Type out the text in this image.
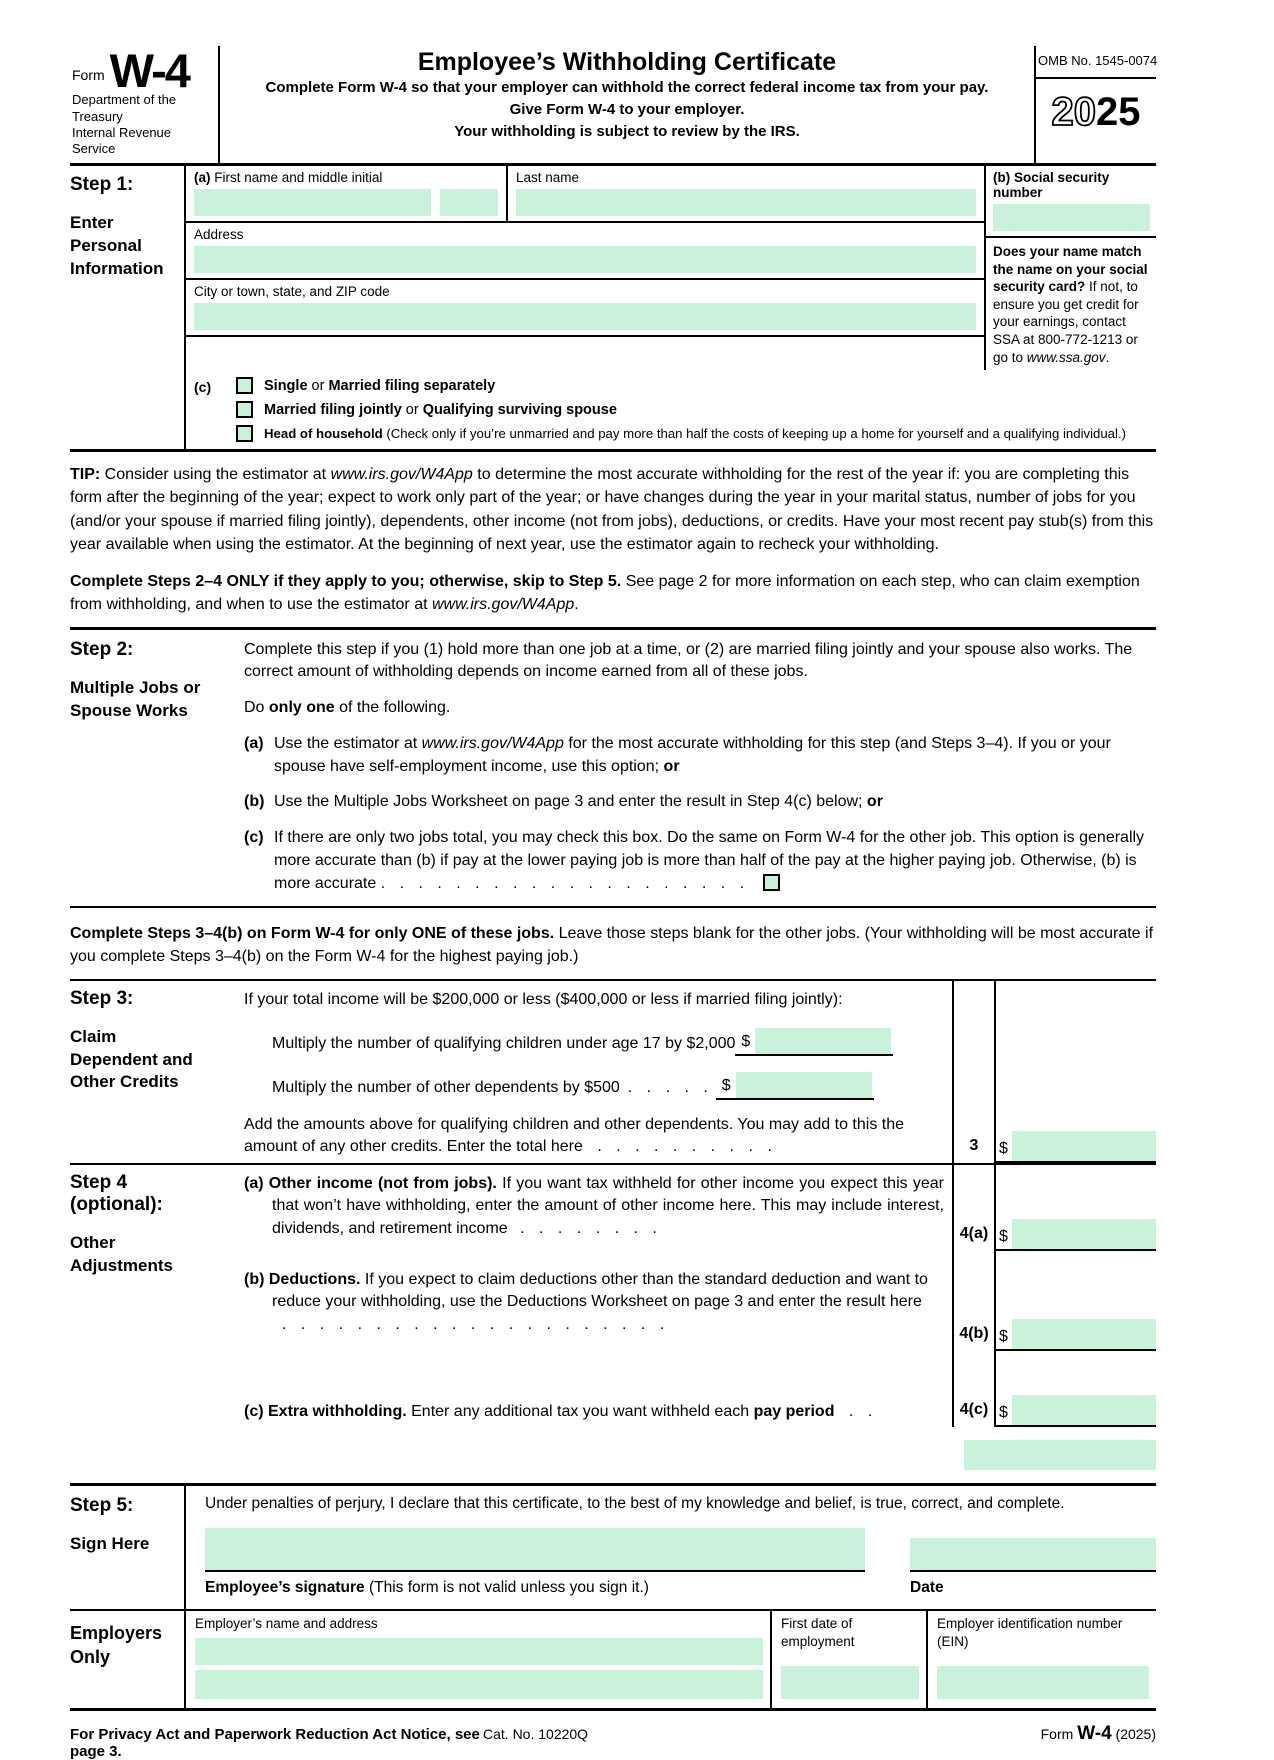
Form W-4
Department of the Treasury
Internal Revenue Service
Employee’s Withholding Certificate
Complete Form W-4 so that your employer can withhold the correct federal income tax from your pay.
Give Form W-4 to your employer.
Your withholding is subject to review by the IRS.
OMB No. 1545-0074
2025
Step 1:
Enter Personal Information
(a) First name and middle initial	Last name
Address
City or town, state, and ZIP code
(b) Social security number
Does your name match the name on your social security card? If not, to ensure you get credit for your earnings, contact SSA at 800-772-1213 or go to www.ssa.gov.
(c)	Single or Married filing separately
Married filing jointly or Qualifying surviving spouse
Head of household (Check only if you’re unmarried and pay more than half the costs of keeping up a home for yourself and a qualifying individual.)
TIP: Consider using the estimator at www.irs.gov/W4App to determine the most accurate withholding for the rest of the year if: you are completing this form after the beginning of the year; expect to work only part of the year; or have changes during the year in your marital status, number of jobs for you (and/or your spouse if married filing jointly), dependents, other income (not from jobs), deductions, or credits. Have your most recent pay stub(s) from this year available when using the estimator. At the beginning of next year, use the estimator again to recheck your withholding.
Complete Steps 2–4 ONLY if they apply to you; otherwise, skip to Step 5. See page 2 for more information on each step, who can claim exemption from withholding, and when to use the estimator at www.irs.gov/W4App.
Step 2:
Multiple Jobs or Spouse Works
Complete this step if you (1) hold more than one job at a time, or (2) are married filing jointly and your spouse also works. The correct amount of withholding depends on income earned from all of these jobs.
Do only one of the following.
(a) Use the estimator at www.irs.gov/W4App for the most accurate withholding for this step (and Steps 3–4). If you or your spouse have self-employment income, use this option; or
(b) Use the Multiple Jobs Worksheet on page 3 and enter the result in Step 4(c) below; or
(c) If there are only two jobs total, you may check this box. Do the same on Form W-4 for the other job. This option is generally more accurate than (b) if pay at the lower paying job is more than half of the pay at the higher paying job. Otherwise, (b) is more accurate . . . . . . . . . . . . . . . . . . . .
Complete Steps 3–4(b) on Form W-4 for only ONE of these jobs. Leave those steps blank for the other jobs. (Your withholding will be most accurate if you complete Steps 3–4(b) on the Form W-4 for the highest paying job.)
Step 3:
Claim Dependent and Other Credits
If your total income will be $200,000 or less ($400,000 or less if married filing jointly):
Multiply the number of qualifying children under age 17 by $2,000 $
Multiply the number of other dependents by $500 . . . . . $
Add the amounts above for qualifying children and other dependents. You may add to this the amount of any other credits. Enter the total here . . . . . . . . . .	3	$
Step 4 (optional):
Other Adjustments
(a) Other income (not from jobs). If you want tax withheld for other income you expect this year that won’t have withholding, enter the amount of other income here. This may include interest, dividends, and retirement income . . . . . . . .	4(a) $
(b) Deductions. If you expect to claim deductions other than the standard deduction and want to reduce your withholding, use the Deductions Worksheet on page 3 and enter the result here . . . . . . . . . . . . . . . . . . . . .
4(b) $
(c) Extra withholding. Enter any additional tax you want withheld each pay period . .	4(c) $
Step 5:
Sign Here
Under penalties of perjury, I declare that this certificate, to the best of my knowledge and belief, is true, correct, and complete.
Employee’s signature (This form is not valid unless you sign it.)	Date
Employers Only
Employer’s name and address	First date of employment
Employer identification number (EIN)
For Privacy Act and Paperwork Reduction Act Notice, see page 3.
Cat. No. 10220Q	Form W-4 (2025)
